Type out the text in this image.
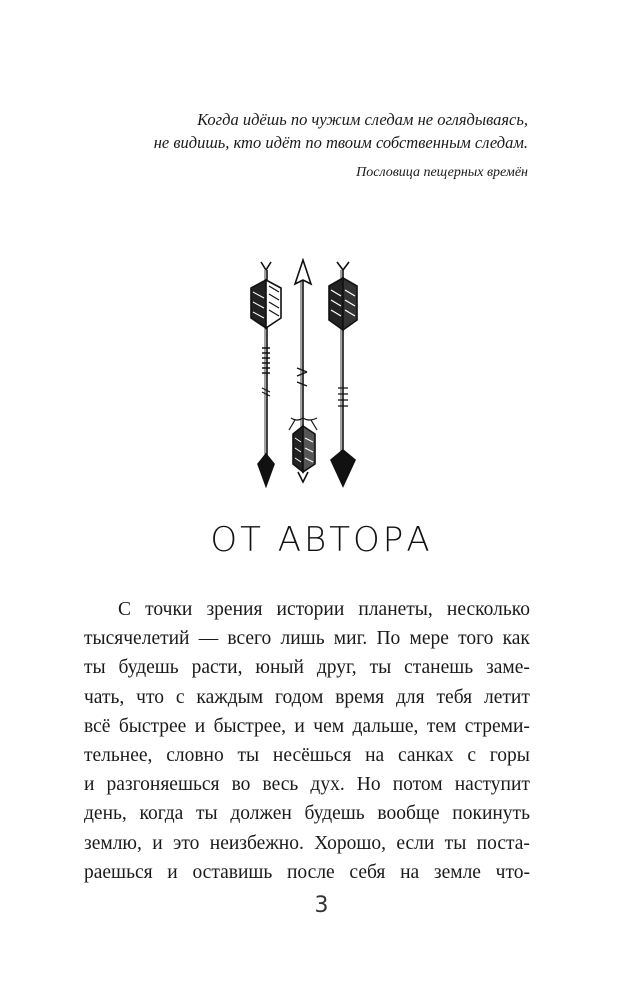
Когда идёшь по чужим следам не оглядываясь,
не видишь, кто идёт по твоим собственным следам.
Пословица пещерных времён
ОТ АВТОРА
С точки зрения истории планеты, несколько
тысячелетий — всего лишь миг. По мере того как
ты будешь расти, юный друг, ты станешь заме-
чать, что с каждым годом время для тебя летит
всё быстрее и быстрее, и чем дальше, тем стреми-
тельнее, словно ты несёшься на санках с горы
и разгоняешься во весь дух. Но потом наступит
день, когда ты должен будешь вообще покинуть
землю, и это неизбежно. Хорошо, если ты поста-
раешься и оставишь после себя на земле что-
3
